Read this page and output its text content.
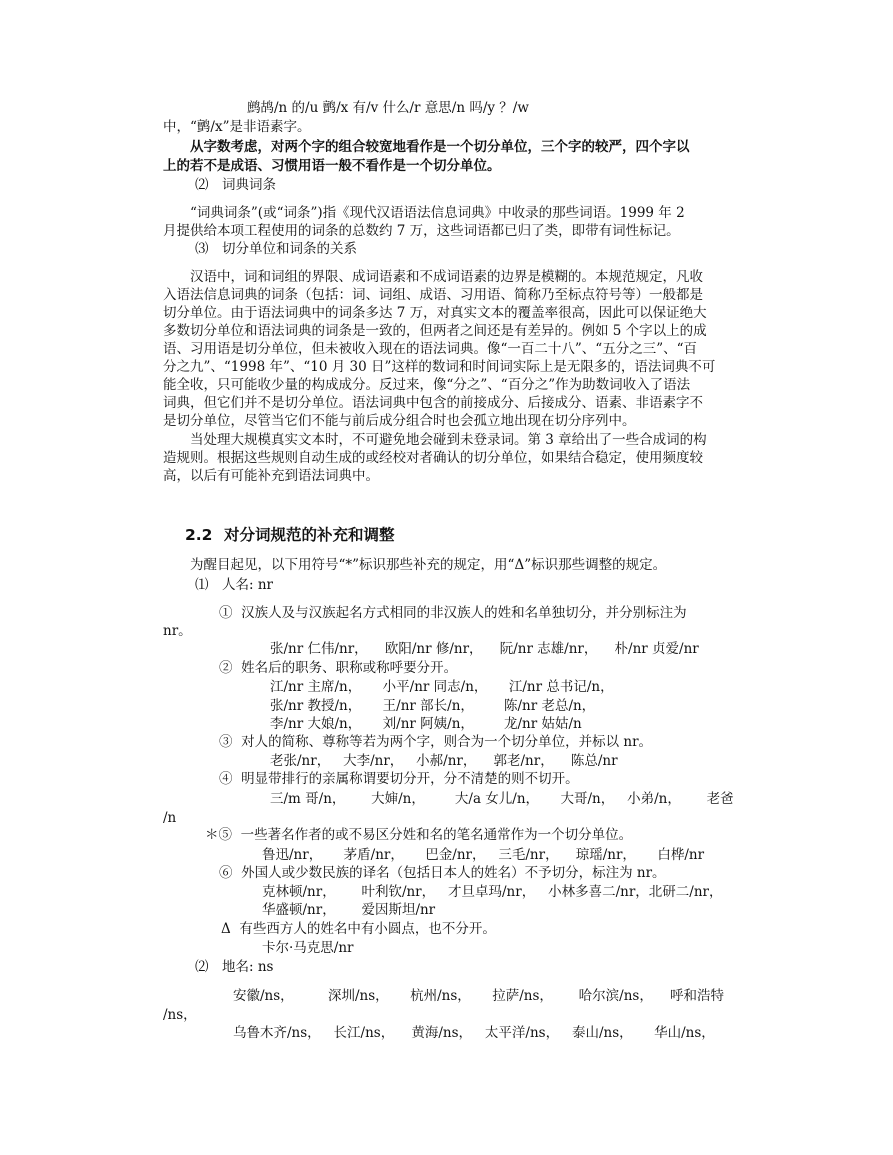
鹧鸪/n 的/u 鹯/x 有/v 什么/r 意思/n 吗/y ？/w
中，“鹯/x”是非语素字。
从字数考虑，对两个字的组合较宽地看作是一个切分单位，三个字的较严，四个字以
上的若不是成语、习惯用语一般不看作是一个切分单位。
⑵　词典词条
“词典词条”(或“词条”)指《现代汉语语法信息词典》中收录的那些词语。1999 年 2
月提供给本项工程使用的词条的总数约 7 万，这些词语都已归了类，即带有词性标记。
⑶　切分单位和词条的关系
汉语中，词和词组的界限、成词语素和不成词语素的边界是模糊的。本规范规定，凡收
入语法信息词典的词条（包括：词、词组、成语、习用语、简称乃至标点符号等）一般都是
切分单位。由于语法词典中的词条多达 7 万，对真实文本的覆盖率很高，因此可以保证绝大
多数切分单位和语法词典的词条是一致的，但两者之间还是有差异的。例如 5 个字以上的成
语、习用语是切分单位，但未被收入现在的语法词典。像“一百二十八”、“五分之三”、“百
分之九”、“1998 年”、“10 月 30 日”这样的数词和时间词实际上是无限多的，语法词典不可
能全收，只可能收少量的构成成分。反过来，像“分之”、“百分之”作为助数词收入了语法
词典，但它们并不是切分单位。语法词典中包含的前接成分、后接成分、语素、非语素字不
是切分单位，尽管当它们不能与前后成分组合时也会孤立地出现在切分序列中。
当处理大规模真实文本时，不可避免地会碰到未登录词。第 3 章给出了一些合成词的构
造规则。根据这些规则自动生成的或经校对者确认的切分单位，如果结合稳定，使用频度较
高，以后有可能补充到语法词典中。
2.2 对分词规范的补充和调整
为醒目起见，以下用符号“*”标识那些补充的规定，用“Δ”标识那些调整的规定。
⑴　人名: nr
①  汉族人及与汉族起名方式相同的非汉族人的姓和名单独切分，并分别标注为
nr。
张/nr 仁伟/nr，    欧阳/nr 修/nr，    阮/nr 志雄/nr，    朴/nr 贞爱/nr
②  姓名后的职务、职称或称呼要分开。
江/nr 主席/n，     小平/nr 同志/n，     江/nr 总书记/n，
张/nr 教授/n，     王/nr 部长/n，       陈/nr 老总/n，
李/nr 大娘/n，     刘/nr 阿姨/n，       龙/nr 姑姑/n
③  对人的简称、尊称等若为两个字，则合为一个切分单位，并标以 nr。
老张/nr，   大李/nr，   小郝/nr，    郭老/nr，    陈总/nr
④  明显带排行的亲属称谓要切分开，分不清楚的则不切开。
三/m 哥/n，      大婶/n，       大/a 女儿/n，     大哥/n，   小弟/n，      老爸
/n
＊⑤  一些著名作者的或不易区分姓和名的笔名通常作为一个切分单位。
鲁迅/nr，     茅盾/nr，     巴金/nr，   三毛/nr，    琼瑶/nr，     白桦/nr
⑥  外国人或少数民族的译名（包括日本人的姓名）不予切分，标注为 nr。
克林顿/nr，      叶利钦/nr，   才旦卓玛/nr，   小林多喜二/nr，北研二/nr，
华盛顿/nr，      爱因斯坦/nr
Δ  有些西方人的姓名中有小圆点，也不分开。
卡尔·马克思/nr
⑵　地名: ns
安徽/ns，        深圳/ns，     杭州/ns，     拉萨/ns，      哈尔滨/ns，    呼和浩特
/ns，
乌鲁木齐/ns，   长江/ns，    黄海/ns，   太平洋/ns，   泰山/ns，     华山/ns，
